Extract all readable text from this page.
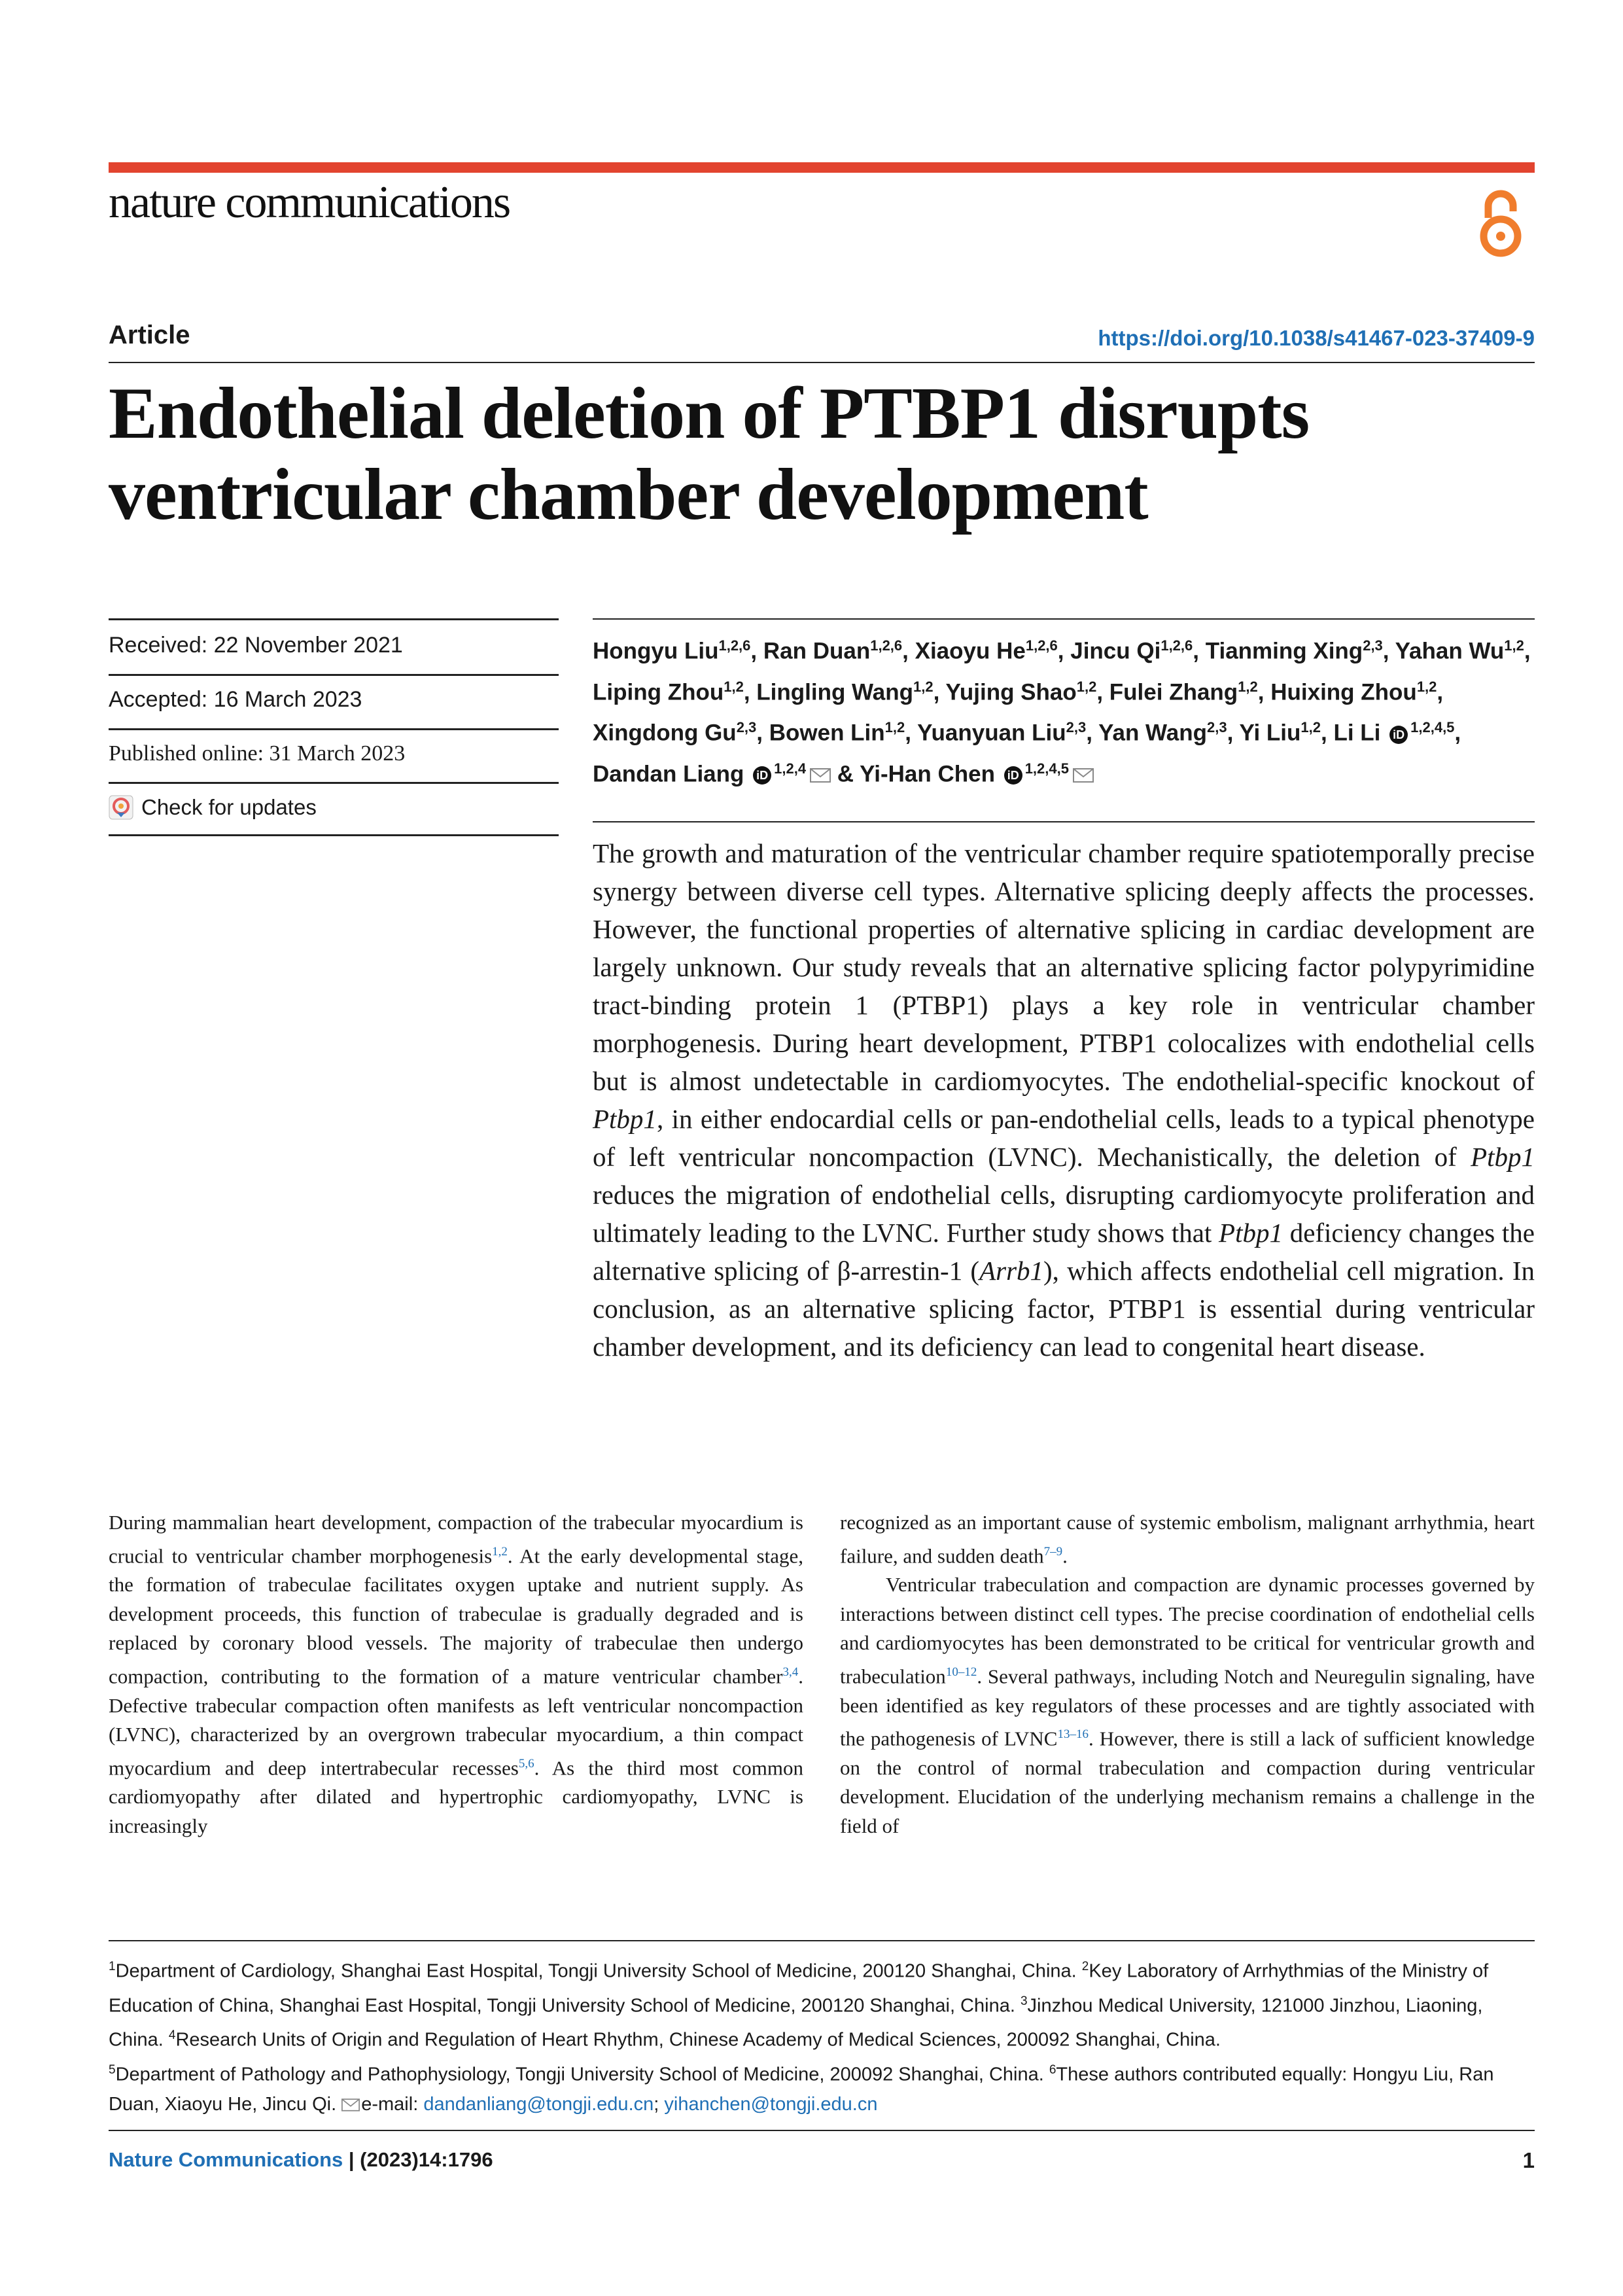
nature communications
Article	https://doi.org/10.1038/s41467-023-37409-9
Endothelial deletion of PTBP1 disrupts
ventricular chamber development
Received: 22 November 2021
Accepted: 16 March 2023
Published online: 31 March 2023
Check for updates
Hongyu Liu$^{1,2,6}$, Ran Duan$^{1,2,6}$, Xiaoyu He$^{1,2,6}$, Jincu Qi$^{1,2,6}$, Tianming Xing$^{2,3}$, Yahan Wu$^{1,2}$, Liping Zhou$^{1,2}$, Lingling Wang$^{1,2}$, Yujing Shao$^{1,2}$, Fulei Zhang$^{1,2}$, Huixing Zhou$^{1,2}$, Xingdong Gu$^{2,3}$, Bowen Lin$^{1,2}$, Yuanyuan Liu$^{2,3}$, Yan Wang$^{2,3}$, Yi Liu$^{1,2}$, Li Li iD $^{1,2,4,5}$, Dandan Liang iD $^{1,2,4}$ & Yi-Han Chen iD $^{1,2,4,5}$
The growth and maturation of the ventricular chamber require spatiotemporally precise synergy between diverse cell types. Alternative splicing deeply affects the processes. However, the functional properties of alternative splicing in cardiac development are largely unknown. Our study reveals that an alternative splicing factor polypyrimidine tract-binding protein 1 (PTBP1) plays a key role in ventricular chamber morphogenesis. During heart development, PTBP1 colocalizes with endothelial cells but is almost undetectable in cardiomyocytes. The endothelial-specific knockout of Ptbp1, in either endocardial cells or pan-endothelial cells, leads to a typical phenotype of left ventricular noncompaction (LVNC). Mechanistically, the deletion of Ptbp1 reduces the migration of endothelial cells, disrupting cardiomyocyte proliferation and ultimately leading to the LVNC. Further study shows that Ptbp1 deficiency changes the alternative splicing of β-arrestin-1 (Arrb1), which affects endothelial cell migration. In conclusion, as an alternative splicing factor, PTBP1 is essential during ventricular chamber development, and its deficiency can lead to congenital heart disease.

During mammalian heart development, compaction of the trabecular myocardium is crucial to ventricular chamber morphogenesis$^{1,2}$. At the early developmental stage, the formation of trabeculae facilitates oxygen uptake and nutrient supply. As development proceeds, this function of trabeculae is gradually degraded and is replaced by coronary blood vessels. The majority of trabeculae then undergo compaction, contributing to the formation of a mature ventricular chamber$^{3,4}$. Defective trabecular compaction often manifests as left ventricular noncompaction (LVNC), characterized by an overgrown trabecular myocardium, a thin compact myocardium and deep intertrabecular recesses$^{5,6}$. As the third most common cardiomyopathy after dilated and hypertrophic cardiomyopathy, LVNC is increasingly

recognized as an important cause of systemic embolism, malignant arrhythmia, heart failure, and sudden death$^{7-9}$.

Ventricular trabeculation and compaction are dynamic processes governed by interactions between distinct cell types. The precise coordination of endothelial cells and cardiomyocytes has been demonstrated to be critical for ventricular growth and trabeculation$^{10-12}$. Several pathways, including Notch and Neuregulin signaling, have been identified as key regulators of these processes and are tightly associated with the pathogenesis of LVNC$^{13-16}$. However, there is still a lack of sufficient knowledge on the control of normal trabeculation and compaction during ventricular development. Elucidation of the underlying mechanism remains a challenge in the field of

$^1$Department of Cardiology, Shanghai East Hospital, Tongji University School of Medicine, 200120 Shanghai, China. $^2$Key Laboratory of Arrhythmias of the Ministry of Education of China, Shanghai East Hospital, Tongji University School of Medicine, 200120 Shanghai, China. $^3$Jinzhou Medical University, 121000 Jinzhou, Liaoning, China. $^4$Research Units of Origin and Regulation of Heart Rhythm, Chinese Academy of Medical Sciences, 200092 Shanghai, China.
$^5$Department of Pathology and Pathophysiology, Tongji University School of Medicine, 200092 Shanghai, China. $^6$These authors contributed equally: Hongyu Liu, Ran Duan, Xiaoyu He, Jincu Qi. e-mail: dandanliang@tongji.edu.cn; yihanchen@tongji.edu.cn
Nature Communications | (2023)14:1796	1
